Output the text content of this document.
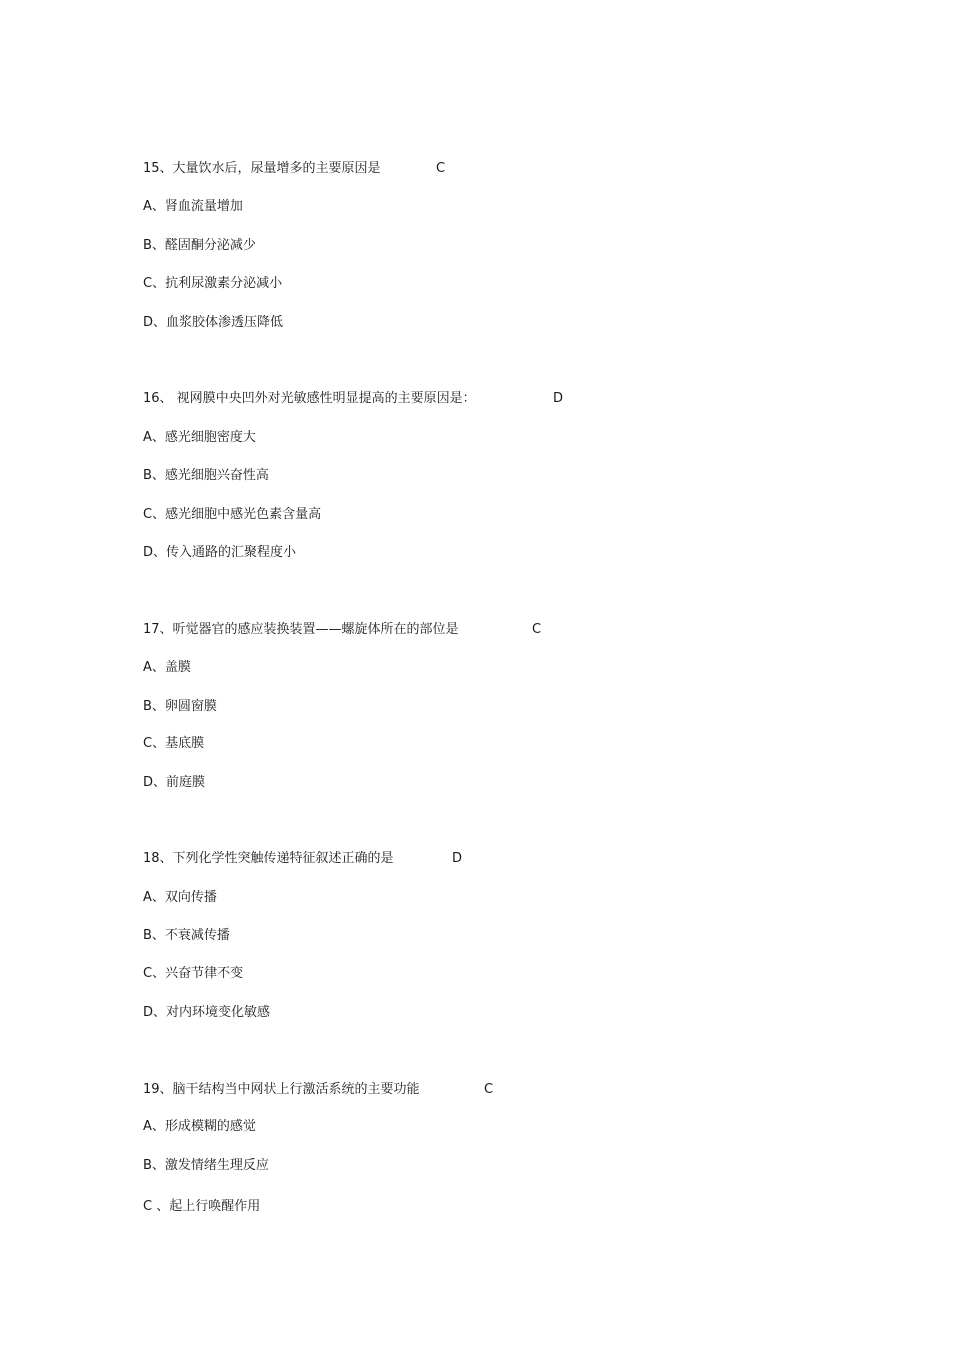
15、大量饮水后，尿量增多的主要原因是	C
A、肾血流量增加
B、醛固酮分泌减少
C、抗利尿激素分泌减小
D、血浆胶体渗透压降低
16、 视网膜中央凹外对光敏感性明显提高的主要原因是：	D
A、感光细胞密度大
B、感光细胞兴奋性高
C、感光细胞中感光色素含量高
D、传入通路的汇聚程度小
17、听觉器官的感应装换装置——螺旋体所在的部位是	C
A、盖膜
B、卵圆窗膜
C、基底膜
D、前庭膜
18、下列化学性突触传递特征叙述正确的是	D
A、双向传播
B、不衰减传播
C、兴奋节律不变
D、对内环境变化敏感
19、脑干结构当中网状上行激活系统的主要功能	C
A、形成模糊的感觉
B、激发情绪生理反应
C 、起上行唤醒作用
